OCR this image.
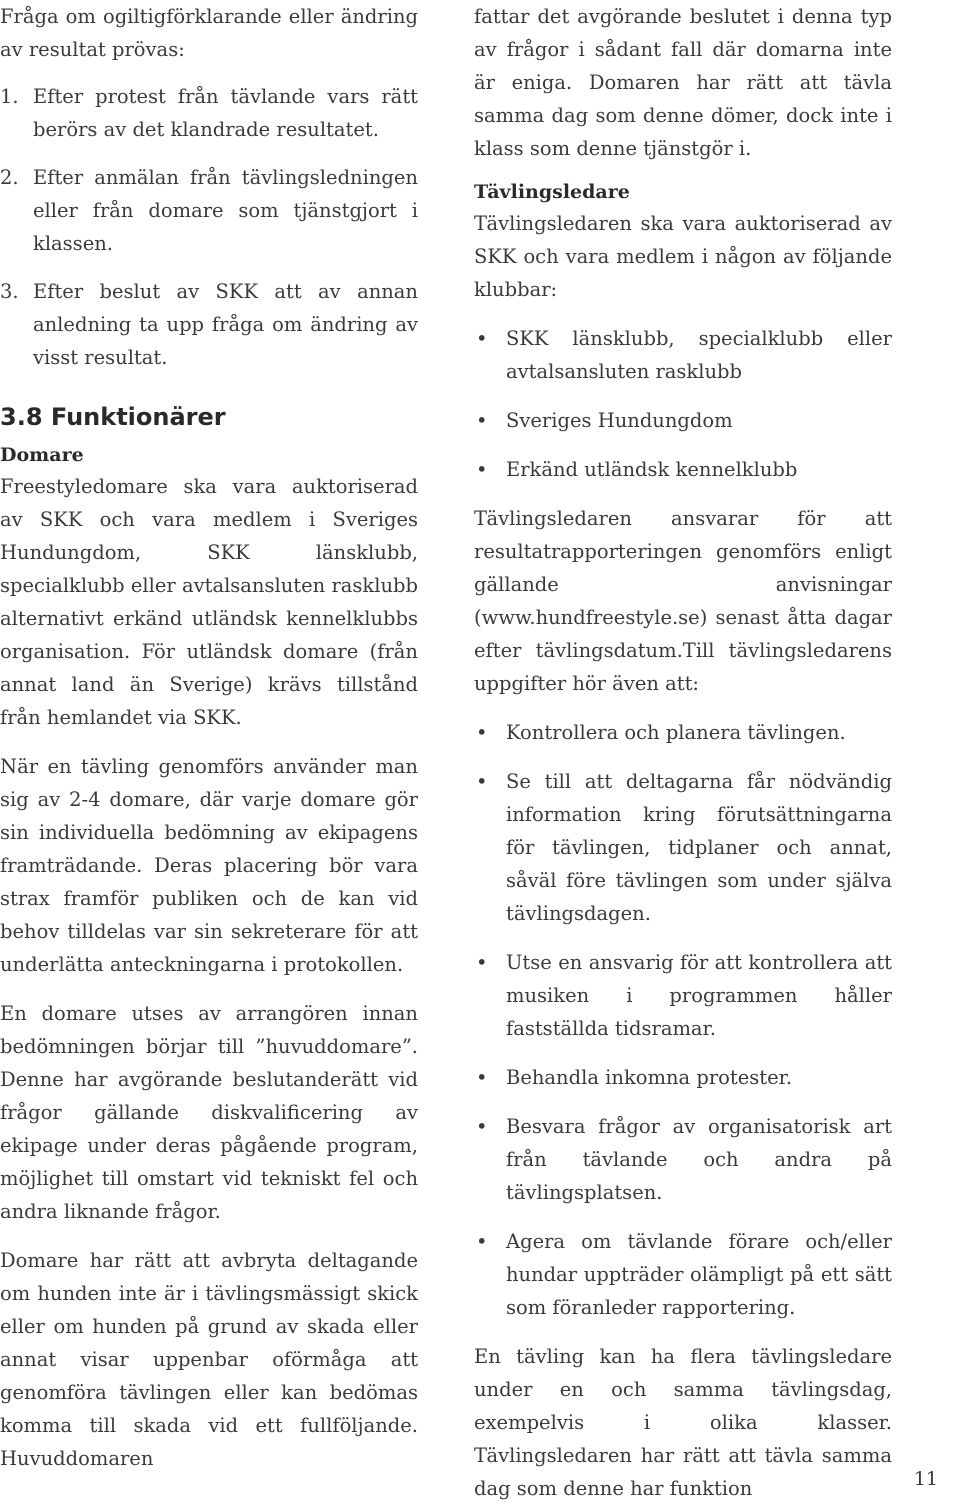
Fråga om ogiltigförklarande eller ändring av resultat prövas:

1. Efter protest från tävlande vars rätt berörs av det klandrade resultatet.
2. Efter anmälan från tävlingsledningen eller från domare som tjänstgjort i klassen.
3. Efter beslut av SKK att av annan anledning ta upp fråga om ändring av visst resultat.
3.8 Funktionärer
Domare

Freestyledomare ska vara auktoriserad av SKK och vara medlem i Sveriges Hundungdom, SKK länsklubb, specialklubb eller avtalsansluten rasklubb alternativt erkänd utländsk kennelklubbs organisation. För utländsk domare (från annat land än Sverige) krävs tillstånd från hemlandet via SKK.

När en tävling genomförs använder man sig av 2-4 domare, där varje domare gör sin individuella bedömning av ekipagens framträdande. Deras placering bör vara strax framför publiken och de kan vid behov tilldelas var sin sekreterare för att underlätta anteckningarna i protokollen.

En domare utses av arrangören innan bedömningen börjar till ”huvuddomare”. Denne har avgörande beslutanderätt vid frågor gällande diskvalificering av ekipage under deras pågående program, möjlighet till omstart vid tekniskt fel och andra liknande frågor.

Domare har rätt att avbryta deltagande om hunden inte är i tävlingsmässigt skick eller om hunden på grund av skada eller annat visar uppenbar oförmåga att genomföra tävlingen eller kan bedömas komma till skada vid ett fullföljande. Huvuddomaren

fattar det avgörande beslutet i denna typ av frågor i sådant fall där domarna inte är eniga. Domaren har rätt att tävla samma dag som denne dömer, dock inte i klass som denne tjänstgör i.

Tävlingsledare

Tävlingsledaren ska vara auktoriserad av SKK och vara medlem i någon av följande klubbar:

• SKK länsklubb, specialklubb eller avtalsansluten rasklubb
• Sveriges Hundungdom
• Erkänd utländsk kennelklubb

Tävlingsledaren ansvarar för att resultatrapporteringen genomförs enligt gällande anvisningar (www.hundfreestyle.se) senast åtta dagar efter tävlingsdatum.Till tävlingsledarens uppgifter hör även att:

• Kontrollera och planera tävlingen.
• Se till att deltagarna får nödvändig information kring förutsättningarna för tävlingen, tidplaner och annat, såväl före tävlingen som under själva tävlingsdagen.
• Utse en ansvarig för att kontrollera att musiken i programmen håller fastställda tidsramar.
• Behandla inkomna protester.
• Besvara frågor av organisatorisk art från tävlande och andra på tävlingsplatsen.
• Agera om tävlande förare och/eller hundar uppträder olämpligt på ett sätt som föranleder rapportering.

En tävling kan ha flera tävlingsledare under en och samma tävlingsdag, exempelvis i olika klasser. Tävlingsledaren har rätt att tävla samma dag som denne har funktion	11
